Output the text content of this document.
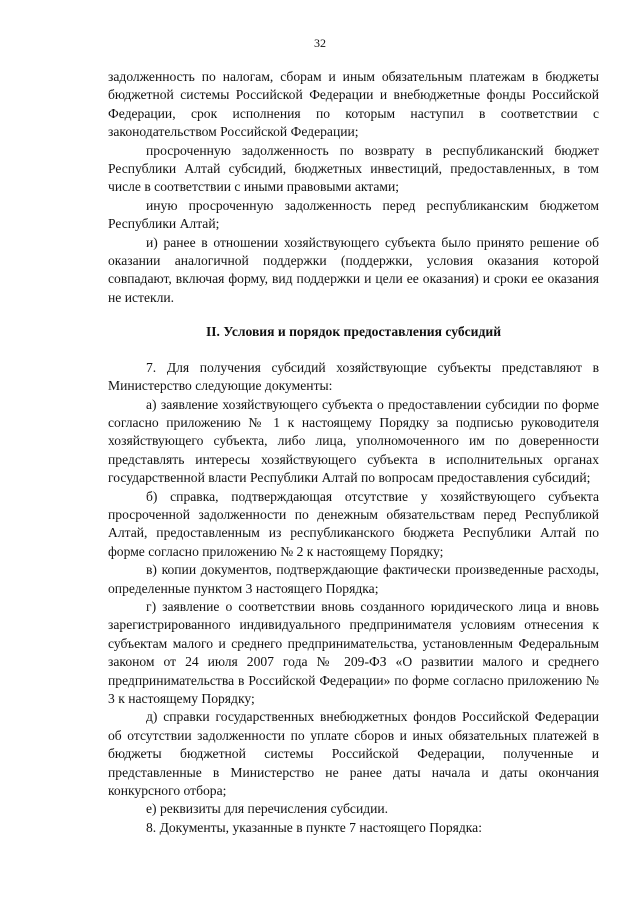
32

задолженность по налогам, сборам и иным обязательным платежам в бюджеты бюджетной системы Российской Федерации и внебюджетные фонды Российской Федерации, срок исполнения по которым наступил в соответствии с законодательством Российской Федерации;

просроченную задолженность по возврату в республиканский бюджет Республики Алтай субсидий, бюджетных инвестиций, предоставленных, в том числе в соответствии с иными правовыми актами;

иную просроченную задолженность перед республиканским бюджетом Республики Алтай;

и) ранее в отношении хозяйствующего субъекта было принято решение об оказании аналогичной поддержки (поддержки, условия оказания которой совпадают, включая форму, вид поддержки и цели ее оказания) и сроки ее оказания не истекли.

II. Условия и порядок предоставления субсидий

7. Для получения субсидий хозяйствующие субъекты представляют в Министерство следующие документы:

а) заявление хозяйствующего субъекта о предоставлении субсидии по форме согласно приложению № 1 к настоящему Порядку за подписью руководителя хозяйствующего субъекта, либо лица, уполномоченного им по доверенности представлять интересы хозяйствующего субъекта в исполнительных органах государственной власти Республики Алтай по вопросам предоставления субсидий;

б) справка, подтверждающая отсутствие у хозяйствующего субъекта просроченной задолженности по денежным обязательствам перед Республикой Алтай, предоставленным из республиканского бюджета Республики Алтай по форме согласно приложению № 2 к настоящему Порядку;

в) копии документов, подтверждающие фактически произведенные расходы, определенные пунктом 3 настоящего Порядка;

г) заявление о соответствии вновь созданного юридического лица и вновь зарегистрированного индивидуального предпринимателя условиям отнесения к субъектам малого и среднего предпринимательства, установленным Федеральным законом от 24 июля 2007 года № 209-ФЗ «О развитии малого и среднего предпринимательства в Российской Федерации» по форме согласно приложению № 3 к настоящему Порядку;

д) справки государственных внебюджетных фондов Российской Федерации об отсутствии задолженности по уплате сборов и иных обязательных платежей в бюджеты бюджетной системы Российской Федерации, полученные и представленные в Министерство не ранее даты начала и даты окончания конкурсного отбора;

е) реквизиты для перечисления субсидии.

8. Документы, указанные в пункте 7 настоящего Порядка:
